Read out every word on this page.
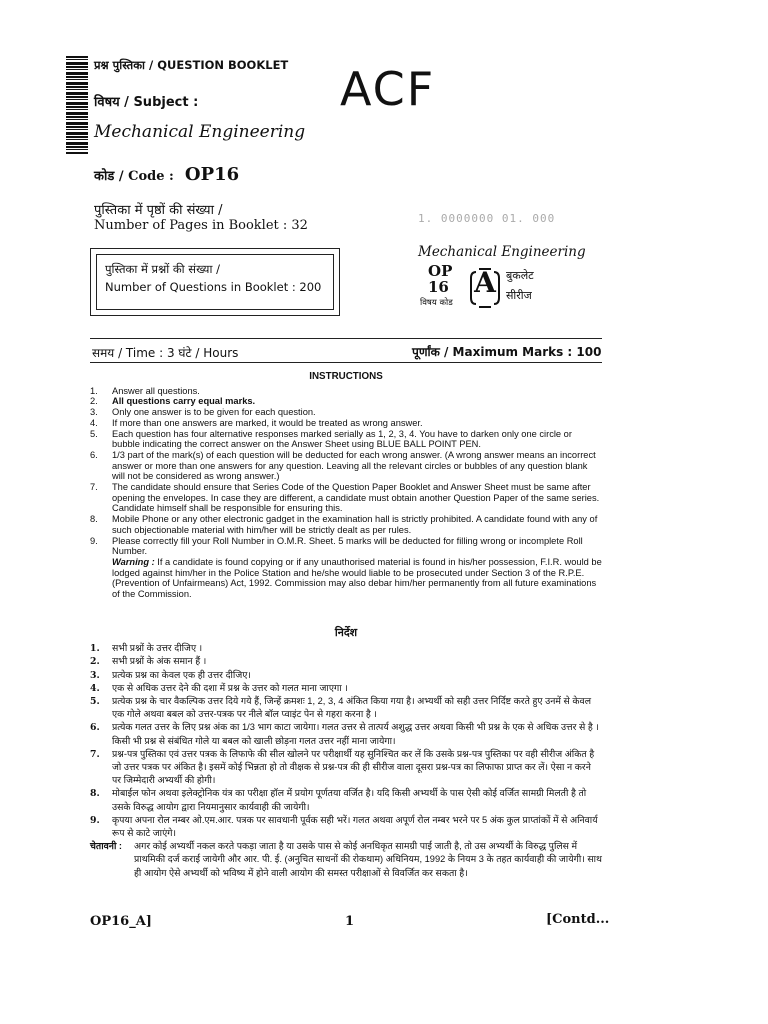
प्रश्न पुस्तिका / QUESTION BOOKLET
विषय / Subject :
Mechanical Engineering
कोड / Code : OP16
ACF
पुस्तिका में पृष्ठों की संख्या /
Number of Pages in Booklet : 32	1. 0000000 01. 000
पुस्तिका में प्रश्नों की संख्या /
Number of Questions in Booklet : 200
Mechanical Engineering
OP
16
विषय कोड
A बुकलेट
सीरीज
समय / Time : 3 घंटे / Hours	पूर्णांक / Maximum Marks : 100
INSTRUCTIONS
1. Answer all questions.
2. All questions carry equal marks.
3. Only one answer is to be given for each question.
4. If more than one answers are marked, it would be treated as wrong answer.
5. Each question has four alternative responses marked serially as 1, 2, 3, 4. You have to darken only one circle or bubble indicating the correct answer on the Answer Sheet using BLUE BALL POINT PEN.
6. 1/3 part of the mark(s) of each question will be deducted for each wrong answer. (A wrong answer means an incorrect answer or more than one answers for any question. Leaving all the relevant circles or bubbles of any question blank will not be considered as wrong answer.)
7. The candidate should ensure that Series Code of the Question Paper Booklet and Answer Sheet must be same after opening the envelopes. In case they are different, a candidate must obtain another Question Paper of the same series. Candidate himself shall be responsible for ensuring this.
8. Mobile Phone or any other electronic gadget in the examination hall is strictly prohibited. A candidate found with any of such objectionable material with him/her will be strictly dealt as per rules.
9. Please correctly fill your Roll Number in O.M.R. Sheet. 5 marks will be deducted for filling wrong or incomplete Roll Number.
Warning : If a candidate is found copying or if any unauthorised material is found in his/her possession, F.I.R. would be lodged against him/her in the Police Station and he/she would liable to be prosecuted under Section 3 of the R.P.E. (Prevention of Unfairmeans) Act, 1992. Commission may also debar him/her permanently from all future examinations of the Commission.
निर्देश
1. सभी प्रश्नों के उत्तर दीजिए ।
2. सभी प्रश्नों के अंक समान हैं ।
3. प्रत्येक प्रश्न का केवल एक ही उत्तर दीजिए।
4. एक से अधिक उत्तर देने की दशा में प्रश्न के उत्तर को गलत माना जाएगा ।
5. प्रत्येक प्रश्न के चार वैकल्पिक उत्तर दिये गये हैं, जिन्हें क्रमशः 1, 2, 3, 4 अंकित किया गया है। अभ्यर्थी को सही उत्तर निर्दिष्ट करते हुए उनमें से केवल एक गोले अथवा बबल को उत्तर-पत्रक पर नीले बॉल प्वाइंट पेन से गहरा करना है ।
6. प्रत्येक गलत उत्तर के लिए प्रश्न अंक का 1/3 भाग काटा जायेगा। गलत उत्तर से तात्पर्य अशुद्ध उत्तर अथवा किसी भी प्रश्न के एक से अधिक उत्तर से है । किसी भी प्रश्न से संबंधित गोले या बबल को खाली छोड़ना गलत उत्तर नहीं माना जायेगा।
7. प्रश्न-पत्र पुस्तिका एवं उत्तर पत्रक के लिफाफे की सील खोलने पर परीक्षार्थी यह सुनिश्चित कर लें कि उसके प्रश्न-पत्र पुस्तिका पर वही सीरीज अंकित है जो उत्तर पत्रक पर अंकित है। इसमें कोई भिन्नता हो तो वीक्षक से प्रश्न-पत्र की ही सीरीज वाला दूसरा प्रश्न-पत्र का लिफाफा प्राप्त कर लें। ऐसा न करने पर जिम्मेदारी अभ्यर्थी की होगी।
8. मोबाईल फोन अथवा इलेक्ट्रोनिक यंत्र का परीक्षा हॉल में प्रयोग पूर्णतया वर्जित है। यदि किसी अभ्यर्थी के पास ऐसी कोई वर्जित सामग्री मिलती है तो उसके विरुद्ध आयोग द्वारा नियमानुसार कार्यवाही की जायेगी।
9. कृपया अपना रोल नम्बर ओ.एम.आर. पत्रक पर सावधानी पूर्वक सही भरें। गलत अथवा अपूर्ण रोल नम्बर भरने पर 5 अंक कुल प्राप्तांकों में से अनिवार्य रूप से काटे जाएंगे।
चेतावनी : अगर कोई अभ्यर्थी नकल करते पकड़ा जाता है या उसके पास से कोई अनधिकृत सामग्री पाई जाती है, तो उस अभ्यर्थी के विरुद्ध पुलिस में प्राथमिकी दर्ज कराई जायेगी और आर. पी. ई. (अनुचित साधनों की रोकथाम) अधिनियम, 1992 के नियम 3 के तहत कार्यवाही की जायेगी। साथ ही आयोग ऐसे अभ्यर्थी को भविष्य में होने वाली आयोग की समस्त परीक्षाओं से विवर्जित कर सकता है।
OP16_A]	1	[Contd...
